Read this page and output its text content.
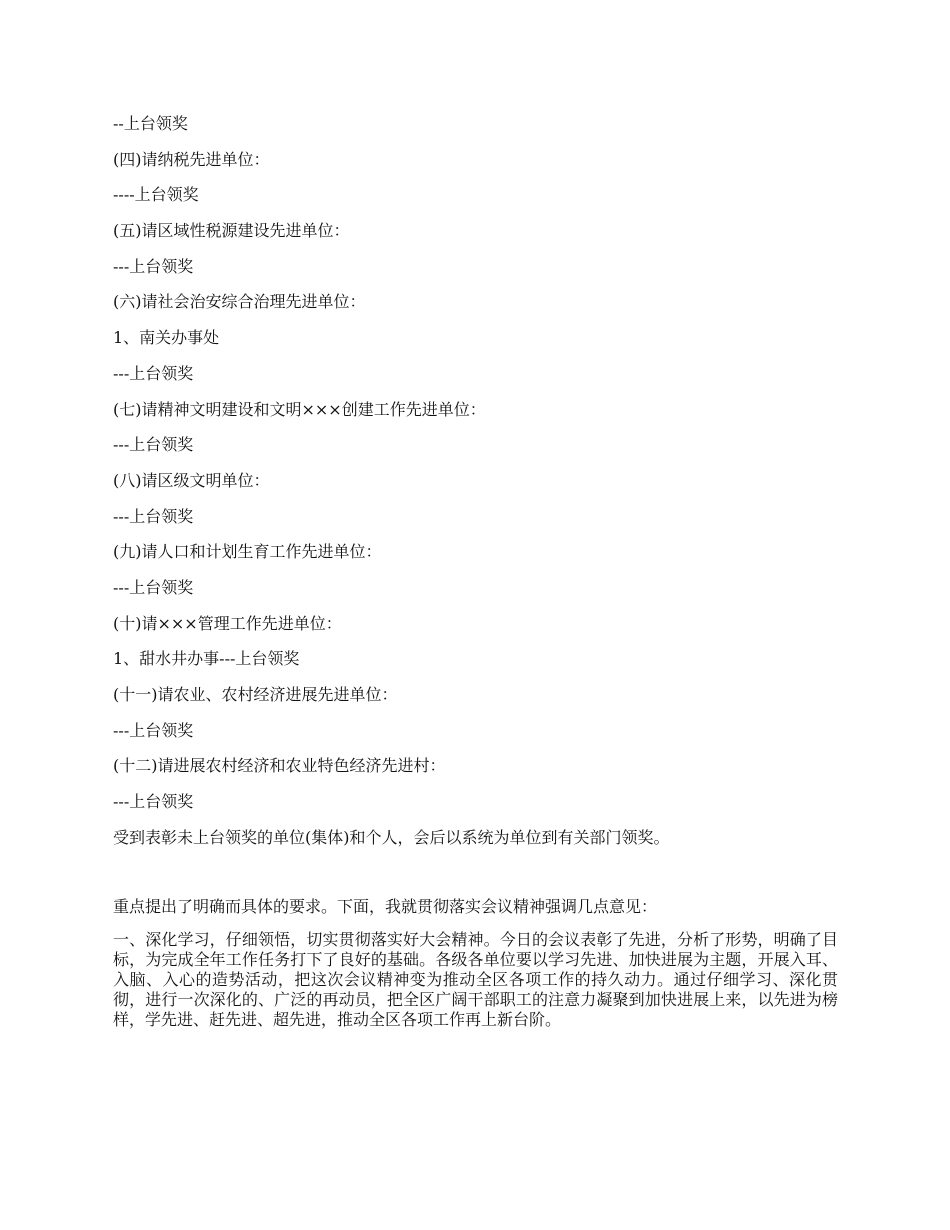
--上台领奖
(四)请纳税先进单位：
----上台领奖
(五)请区域性税源建设先进单位：
---上台领奖
(六)请社会治安综合治理先进单位：
1、南关办事处
---上台领奖
(七)请精神文明建设和文明×××创建工作先进单位：
---上台领奖
(八)请区级文明单位：
---上台领奖
(九)请人口和计划生育工作先进单位：
---上台领奖
(十)请×××管理工作先进单位：
1、甜水井办事---上台领奖
(十一)请农业、农村经济进展先进单位：
---上台领奖
(十二)请进展农村经济和农业特色经济先进村：
---上台领奖
受到表彰未上台领奖的单位(集体)和个人，会后以系统为单位到有关部门领奖。

重点提出了明确而具体的要求。下面，我就贯彻落实会议精神强调几点意见：

一、深化学习，仔细领悟，切实贯彻落实好大会精神。今日的会议表彰了先进，分析了形势，明确了目标，为完成全年工作任务打下了良好的基础。各级各单位要以学习先进、加快进展为主题，开展入耳、入脑、入心的造势活动，把这次会议精神变为推动全区各项工作的持久动力。通过仔细学习、深化贯彻，进行一次深化的、广泛的再动员，把全区广阔干部职工的注意力凝聚到加快进展上来，以先进为榜样，学先进、赶先进、超先进，推动全区各项工作再上新台阶。
